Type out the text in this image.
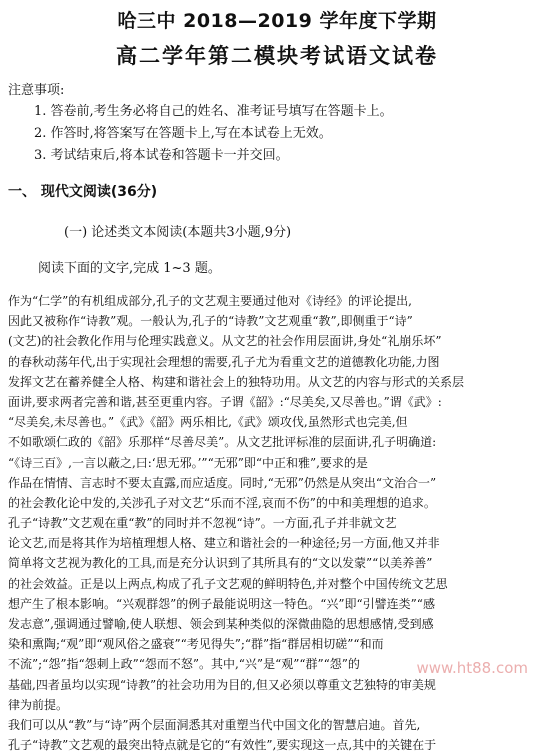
哈三中 2018—2019 学年度下学期
高二学年第二模块考试语文试卷
注意事项:
1. 答卷前,考生务必将自己的姓名、准考证号填写在答题卡上。
2. 作答时,将答案写在答题卡上,写在本试卷上无效。
3. 考试结束后,将本试卷和答题卡一并交回。
一、 现代文阅读(36分)
(一) 论述类文本阅读(本题共3小题,9分)
阅读下面的文字,完成 1~3 题。
作为“仁学”的有机组成部分,孔子的文艺观主要通过他对《诗经》的评论提出,
因此又被称作“诗教”观。一般认为,孔子的“诗教”文艺观重“教”,即侧重于“诗”
(文艺)的社会教化作用与伦理实践意义。从文艺的社会作用层面讲,身处“礼崩乐坏”
的春秋动荡年代,出于实现社会理想的需要,孔子尤为看重文艺的道德教化功能,力图
发挥文艺在蓄养健全人格、构建和谐社会上的独特功用。从文艺的内容与形式的关系层
面讲,要求两者完善和谐,甚至更重内容。子谓《韶》:“尽美矣,又尽善也。”谓《武》:
“尽美矣,未尽善也。”《武》《韶》两乐相比,《武》颂攻伐,虽然形式也完美,但
不如歌颂仁政的《韶》乐那样“尽善尽美”。从文艺批评标准的层面讲,孔子明确道:
“《诗三百》,一言以蔽之,曰:‘思无邪。’”“无邪”即“中正和雅”,要求的是
作品在情情、言志时不要太直露,而应适度。同时,“无邪”仍然是从突出“文治合一”
的社会教化论中发的,关涉孔子对文艺“乐而不淫,哀而不伤”的中和美理想的追求。
孔子“诗教”文艺观在重“教”的同时并不忽视“诗”。一方面,孔子并非就文艺
论文艺,而是将其作为培植理想人格、建立和谐社会的一种途径;另一方面,他又并非
简单将文艺视为教化的工具,而是充分认识到了其所具有的“文以发蒙”“以美养善”
的社会效益。正是以上两点,构成了孔子文艺观的鲜明特色,并对整个中国传统文艺思
想产生了根本影响。“兴观群怨”的例子最能说明这一特色。“兴”即“引譬连类”“感
发志意”,强调通过譬喻,使人联想、领会到某种类似的深微曲隐的思想感情,受到感
染和熏陶;“观”即“观风俗之盛衰”“考见得失”;“群”指“群居相切磋”“和而
不流”;“怨”指“怨刺上政”“怨而不怒”。其中,“兴”是“观”“群”“怨”的
基础,四者虽均以实现“诗教”的社会功用为目的,但又必须以尊重文艺独特的审美规
律为前提。
我们可以从“教”与“诗”两个层面洞悉其对重塑当代中国文化的智慧启迪。首先,
孔子“诗教”文艺观的最突出特点就是它的“有效性”,要实现这一点,其中的关键在于
www.ht88.com
